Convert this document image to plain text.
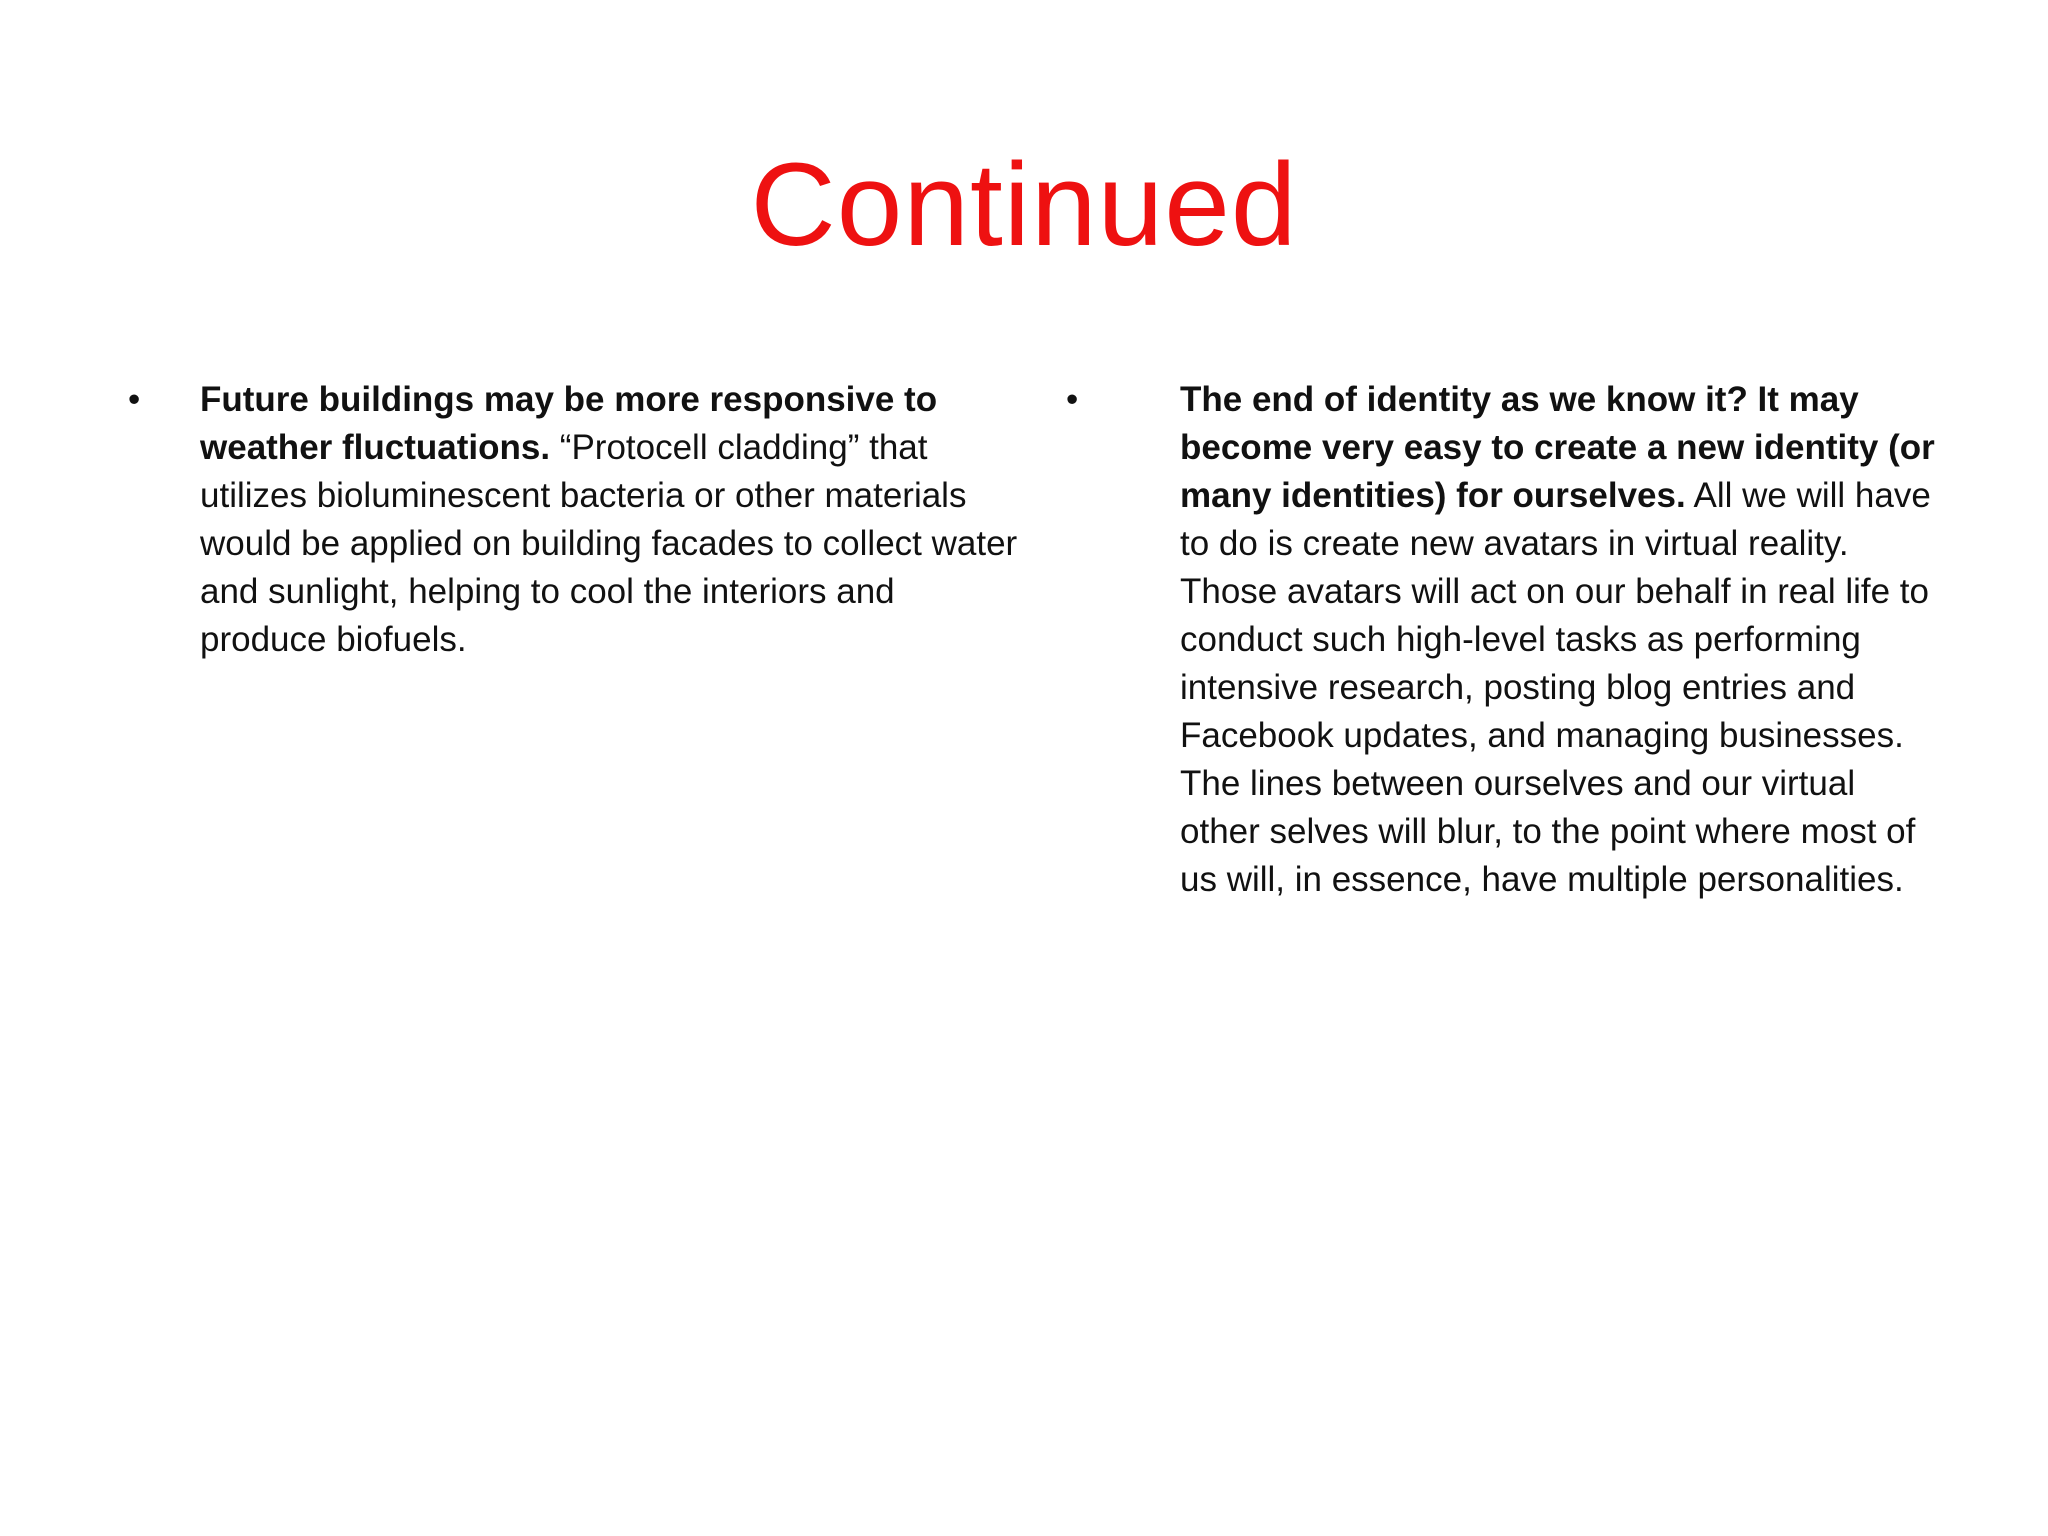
Continued
• Future buildings may be more responsive to weather fluctuations. “Protocell cladding” that utilizes bioluminescent bacteria or other materials would be applied on building facades to collect water and sunlight, helping to cool the interiors and produce biofuels.
•	The end of identity as we know it? It may become very easy to create a new identity (or many identities) for ourselves. All we will have to do is create new avatars in virtual reality. Those avatars will act on our behalf in real life to conduct such high-level tasks as performing intensive research, posting blog entries and Facebook updates, and managing businesses. The lines between ourselves and our virtual other selves will blur, to the point where most of us will, in essence, have multiple personalities.
